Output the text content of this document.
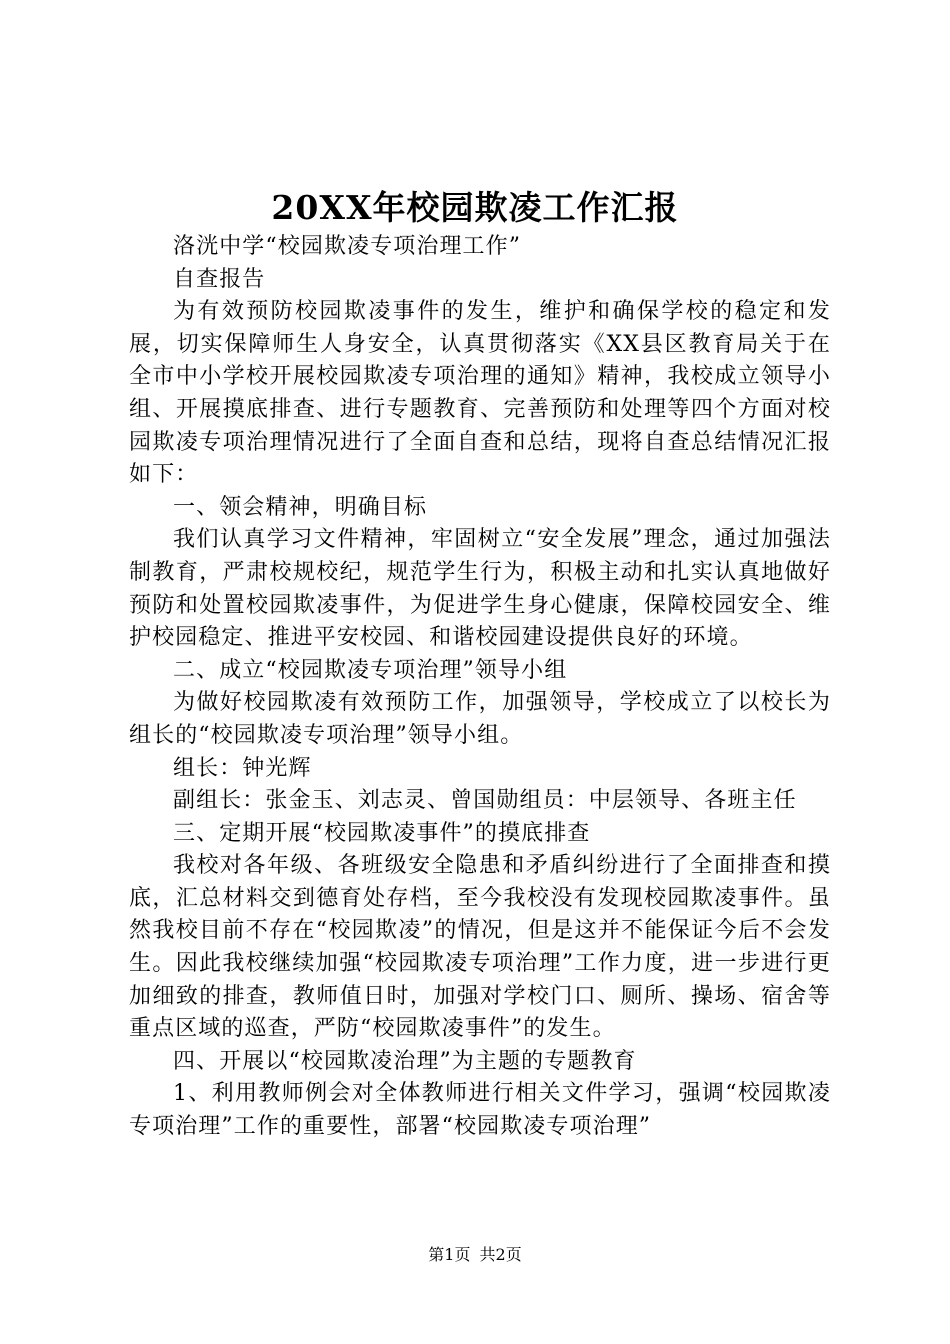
20XX年校园欺凌工作汇报

洛洸中学“校园欺凌专项治理工作”

自查报告

为有效预防校园欺凌事件的发生，维护和确保学校的稳定和发展，切实保障师生人身安全，认真贯彻落实《XX县区教育局关于在全市中小学校开展校园欺凌专项治理的通知》精神，我校成立领导小组、开展摸底排查、进行专题教育、完善预防和处理等四个方面对校园欺凌专项治理情况进行了全面自查和总结，现将自查总结情况汇报如下：

一、领会精神，明确目标

我们认真学习文件精神，牢固树立“安全发展”理念，通过加强法制教育，严肃校规校纪，规范学生行为，积极主动和扎实认真地做好预防和处置校园欺凌事件，为促进学生身心健康，保障校园安全、维护校园稳定、推进平安校园、和谐校园建设提供良好的环境。

二、成立“校园欺凌专项治理”领导小组

为做好校园欺凌有效预防工作，加强领导，学校成立了以校长为组长的“校园欺凌专项治理”领导小组。

组长：钟光辉

副组长：张金玉、刘志灵、曾国勋组员：中层领导、各班主任

三、定期开展“校园欺凌事件”的摸底排查

我校对各年级、各班级安全隐患和矛盾纠纷进行了全面排查和摸底，汇总材料交到德育处存档，至今我校没有发现校园欺凌事件。虽然我校目前不存在“校园欺凌”的情况，但是这并不能保证今后不会发生。因此我校继续加强“校园欺凌专项治理”工作力度，进一步进行更加细致的排查，教师值日时，加强对学校门口、厕所、操场、宿舍等重点区域的巡查，严防“校园欺凌事件”的发生。

四、开展以“校园欺凌治理”为主题的专题教育

1、利用教师例会对全体教师进行相关文件学习，强调“校园欺凌专项治理”工作的重要性，部署“校园欺凌专项治理”

第1页 共2页
